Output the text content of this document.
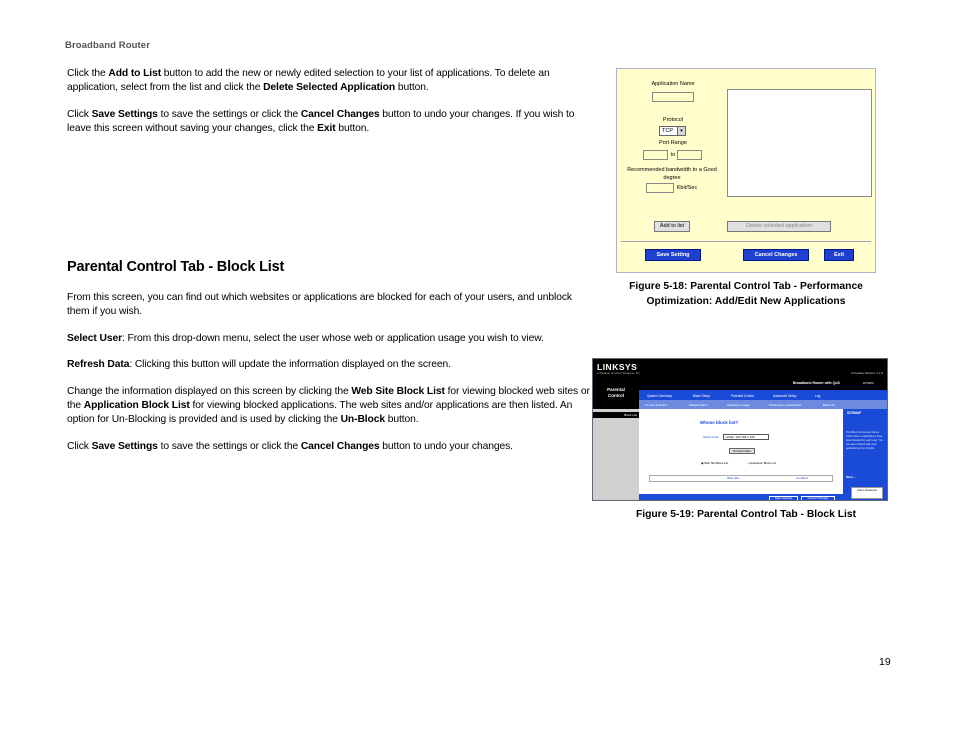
Broadband Router
Click the Add to List button to add the new or newly edited selection to your list of applications. To delete an application, select from the list and click the Delete Selected Application button.
Click Save Settings to save the settings or click the Cancel Changes button to undo your changes. If you wish to leave this screen without saving your changes, click the Exit button.
Parental Control Tab - Block List
From this screen, you can find out which websites or applications are blocked for each of your users, and unblock them if you wish.
Select User: From this drop-down menu, select the user whose web or application usage you wish to view.
Refresh Data: Clicking this button will update the information displayed on the screen.
Change the information displayed on this screen by clicking the Web Site Block List for viewing blocked web sites or the Application Block List for viewing blocked applications. The web sites and/or applications are then listed. An option for Un-Blocking is provided and is used by clicking the Un-Block button.
Click Save Settings to save the settings or click the Cancel Changes button to undo your changes.
Application Name
Protocol
TCP	▾
Port Range
to
Recommended bandwidth to a Good degree
Kbit/Sec
Add to list	Delete selected application
Save Setting	Cancel Changes	Exit
Figure 5-18: Parental Control Tab - Performance
Optimization: Add/Edit New Applications
LINKSYS
A Division of Cisco Systems, Inc.	Firmware Version: 1.1.0
Parental Control
Broadband Router with QoS	RT31P2
System Summary	Basic Setup	Parental Control	Advanced Setup	Log
On Line Schedule	Website Filters	Application Usage	Performance Optimization	Block List
Block List	SITEMAP
The Block List screen shows which sites or applications have been blocked for each user. You can also unblock sites and applications from this list.
More...
Cisco Systems
Whose block list?
Select User:	mobile: 192.168.1.100
Refresh Data
◉ Web Site Block List	○ Application Block List
Web Site	Un-Block
Save Settings	Cancel Changes
Figure 5-19: Parental Control Tab - Block List
19
